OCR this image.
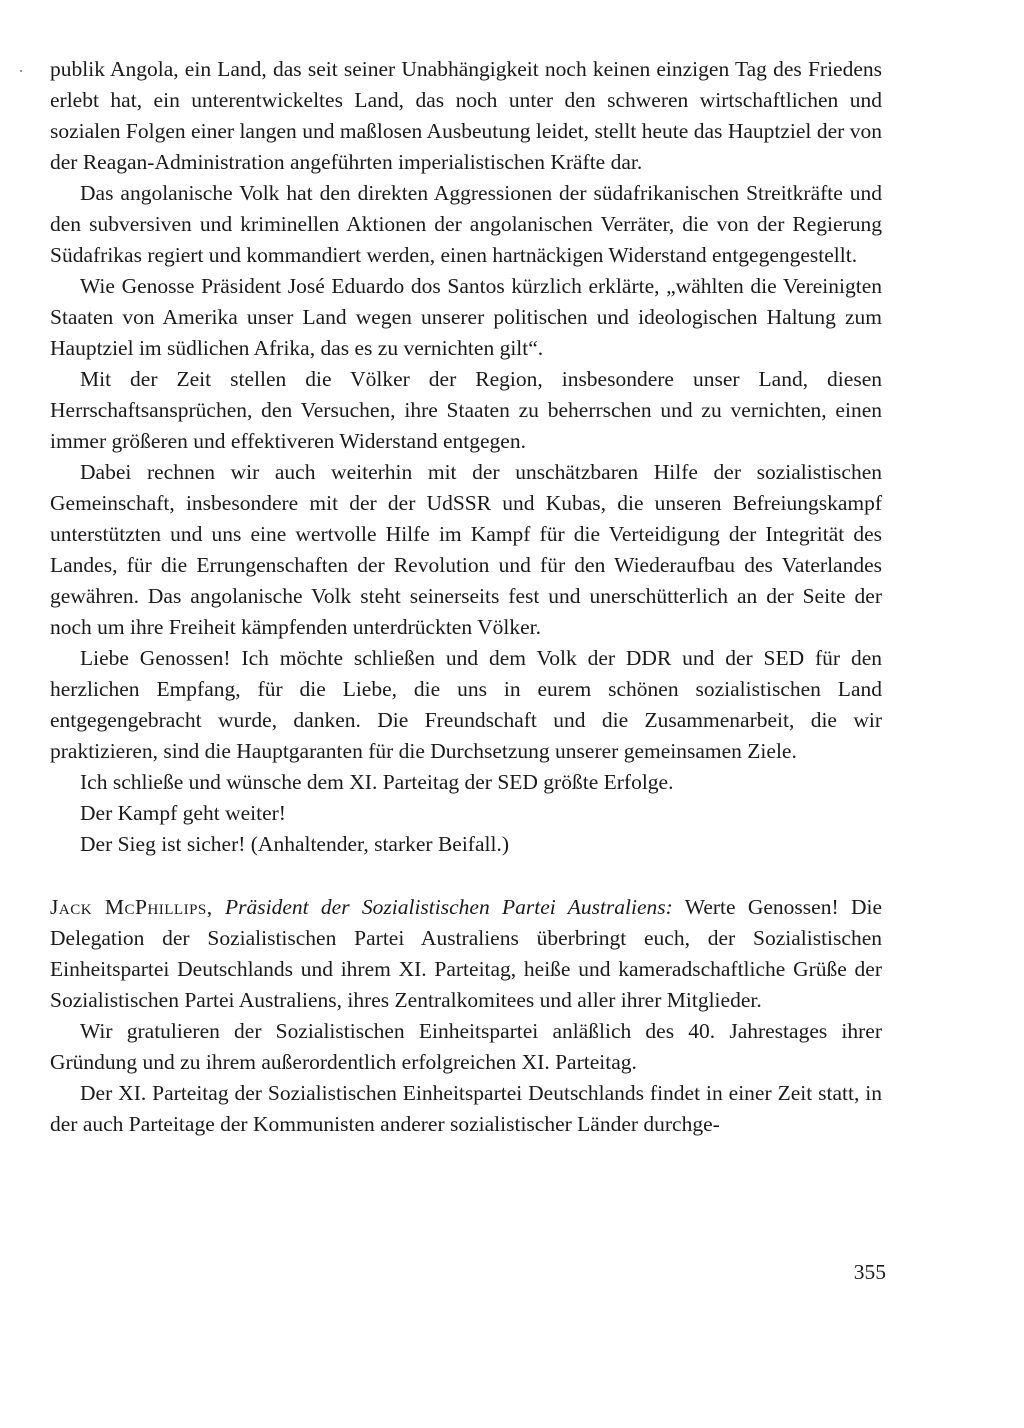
publik Angola, ein Land, das seit seiner Unabhängigkeit noch keinen einzigen Tag des Friedens erlebt hat, ein unterentwickeltes Land, das noch unter den schweren wirtschaftlichen und sozialen Folgen einer langen und maßlosen Ausbeutung leidet, stellt heute das Hauptziel der von der Reagan-Administration angeführten imperialistischen Kräfte dar.

Das angolanische Volk hat den direkten Aggressionen der südafrikanischen Streitkräfte und den subversiven und kriminellen Aktionen der angolanischen Verräter, die von der Regierung Südafrikas regiert und kommandiert werden, einen hartnäckigen Widerstand entgegengestellt.

Wie Genosse Präsident José Eduardo dos Santos kürzlich erklärte, „wählten die Vereinigten Staaten von Amerika unser Land wegen unserer politischen und ideologischen Haltung zum Hauptziel im südlichen Afrika, das es zu vernichten gilt“.

Mit der Zeit stellen die Völker der Region, insbesondere unser Land, diesen Herrschaftsansprüchen, den Versuchen, ihre Staaten zu beherrschen und zu vernichten, einen immer größeren und effektiveren Widerstand entgegen.

Dabei rechnen wir auch weiterhin mit der unschätzbaren Hilfe der sozialistischen Gemeinschaft, insbesondere mit der der UdSSR und Kubas, die unseren Befreiungskampf unterstützten und uns eine wertvolle Hilfe im Kampf für die Verteidigung der Integrität des Landes, für die Errungenschaften der Revolution und für den Wiederaufbau des Vaterlandes gewähren. Das angolanische Volk steht seinerseits fest und unerschütterlich an der Seite der noch um ihre Freiheit kämpfenden unterdrückten Völker.

Liebe Genossen! Ich möchte schließen und dem Volk der DDR und der SED für den herzlichen Empfang, für die Liebe, die uns in eurem schönen sozialistischen Land entgegengebracht wurde, danken. Die Freundschaft und die Zusammenarbeit, die wir praktizieren, sind die Hauptgaranten für die Durchsetzung unserer gemeinsamen Ziele.

Ich schließe und wünsche dem XI. Parteitag der SED größte Erfolge.
Der Kampf geht weiter!
Der Sieg ist sicher! (Anhaltender, starker Beifall.)

Jack McPhillips, Präsident der Sozialistischen Partei Australiens: Werte Genossen! Die Delegation der Sozialistischen Partei Australiens überbringt euch, der Sozialistischen Einheitspartei Deutschlands und ihrem XI. Parteitag, heiße und kameradschaftliche Grüße der Sozialistischen Partei Australiens, ihres Zentralkomitees und aller ihrer Mitglieder.

Wir gratulieren der Sozialistischen Einheitspartei anläßlich des 40. Jahrestages ihrer Gründung und zu ihrem außerordentlich erfolgreichen XI. Parteitag.

Der XI. Parteitag der Sozialistischen Einheitspartei Deutschlands findet in einer Zeit statt, in der auch Parteitage der Kommunisten anderer sozialistischer Länder durchge-

355
